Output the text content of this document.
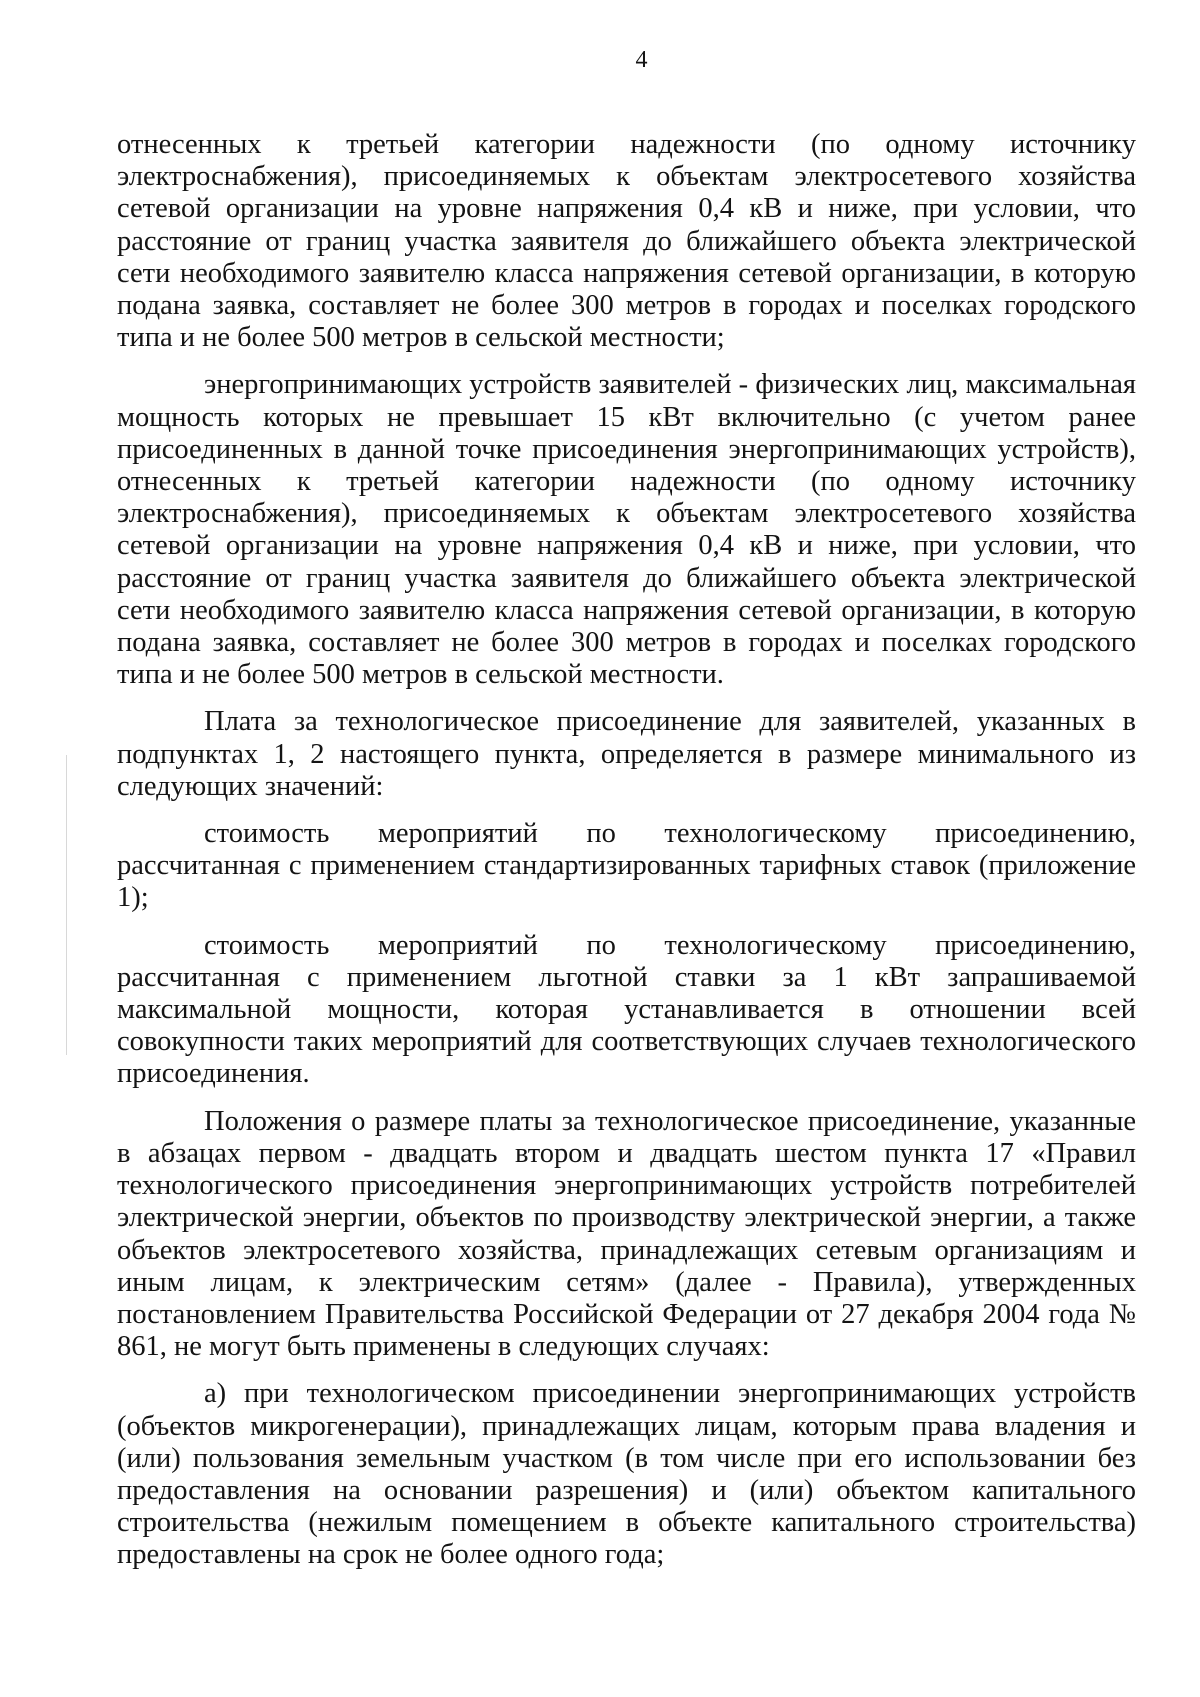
4

отнесенных к третьей категории надежности (по одному источнику электроснабжения), присоединяемых к объектам электросетевого хозяйства сетевой организации на уровне напряжения 0,4 кВ и ниже, при условии, что расстояние от границ участка заявителя до ближайшего объекта электрической сети необходимого заявителю класса напряжения сетевой организации, в которую подана заявка, составляет не более 300 метров в городах и поселках городского типа и не более 500 метров в сельской местности;

энергопринимающих устройств заявителей - физических лиц, максимальная мощность которых не превышает 15 кВт включительно (с учетом ранее присоединенных в данной точке присоединения энергопринимающих устройств), отнесенных к третьей категории надежности (по одному источнику электроснабжения), присоединяемых к объектам электросетевого хозяйства сетевой организации на уровне напряжения 0,4 кВ и ниже, при условии, что расстояние от границ участка заявителя до ближайшего объекта электрической сети необходимого заявителю класса напряжения сетевой организации, в которую подана заявка, составляет не более 300 метров в городах и поселках городского типа и не более 500 метров в сельской местности.

Плата за технологическое присоединение для заявителей, указанных в подпунктах 1, 2 настоящего пункта, определяется в размере минимального из следующих значений:

стоимость мероприятий по технологическому присоединению, рассчитанная с применением стандартизированных тарифных ставок (приложение 1);

стоимость мероприятий по технологическому присоединению, рассчитанная с применением льготной ставки за 1 кВт запрашиваемой максимальной мощности, которая устанавливается в отношении всей совокупности таких мероприятий для соответствующих случаев технологического присоединения.

Положения о размере платы за технологическое присоединение, указанные в абзацах первом - двадцать втором и двадцать шестом пункта 17 «Правил технологического присоединения энергопринимающих устройств потребителей электрической энергии, объектов по производству электрической энергии, а также объектов электросетевого хозяйства, принадлежащих сетевым организациям и иным лицам, к электрическим сетям» (далее - Правила), утвержденных постановлением Правительства Российской Федерации от 27 декабря 2004 года № 861, не могут быть применены в следующих случаях:

а) при технологическом присоединении энергопринимающих устройств (объектов микрогенерации), принадлежащих лицам, которым права владения и (или) пользования земельным участком (в том числе при его использовании без предоставления на основании разрешения) и (или) объектом капитального строительства (нежилым помещением в объекте капитального строительства) предоставлены на срок не более одного года;
